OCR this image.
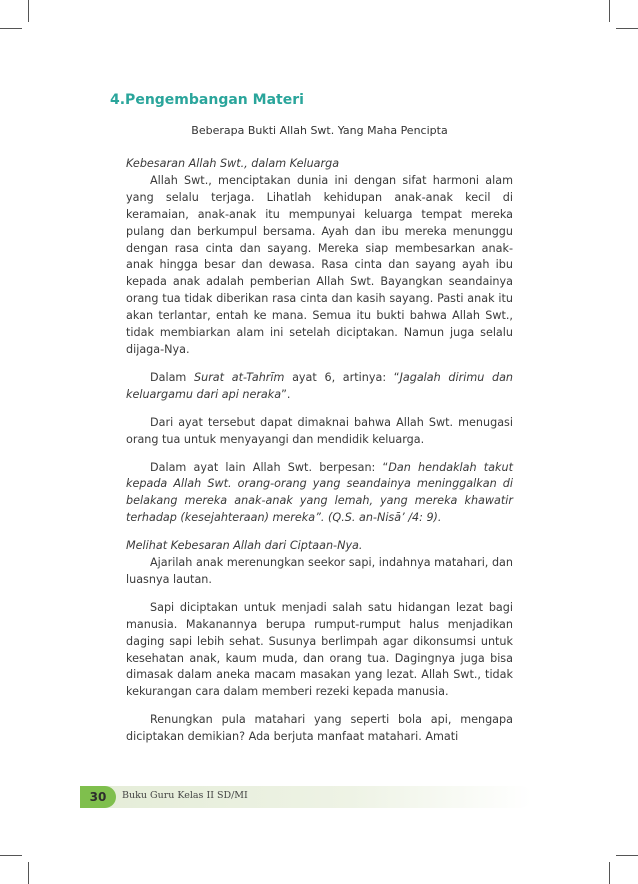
4.Pengembangan Materi
Beberapa Bukti Allah Swt. Yang Maha Pencipta

Kebesaran Allah Swt., dalam Keluarga

Allah Swt., menciptakan dunia ini dengan sifat harmoni alam yang selalu terjaga. Lihatlah kehidupan anak-anak kecil di keramaian, anak-anak itu mempunyai keluarga tempat mereka pulang dan berkumpul bersama. Ayah dan ibu mereka menunggu dengan rasa cinta dan sayang. Mereka siap membesarkan anak-anak hingga besar dan dewasa. Rasa cinta dan sayang ayah ibu kepada anak adalah pemberian Allah Swt. Bayangkan seandainya orang tua tidak diberikan rasa cinta dan kasih sayang. Pasti anak itu akan terlantar, entah ke mana. Semua itu bukti bahwa Allah Swt., tidak membiarkan alam ini setelah diciptakan. Namun juga selalu dijaga-Nya.

Dalam Surat at-Tahrīm ayat 6, artinya: “Jagalah dirimu dan keluargamu dari api neraka”.

Dari ayat tersebut dapat dimaknai bahwa Allah Swt. menugasi orang tua untuk menyayangi dan mendidik keluarga.

Dalam ayat lain Allah Swt. berpesan: “Dan hendaklah takut kepada Allah Swt. orang-orang yang seandainya meninggalkan di belakang mereka anak-anak yang lemah, yang mereka khawatir terhadap (kesejahteraan) mereka”. (Q.S. an-Nisā’ /4: 9).

Melihat Kebesaran Allah dari Ciptaan-Nya.

Ajarilah anak merenungkan seekor sapi, indahnya matahari, dan luasnya lautan.

Sapi diciptakan untuk menjadi salah satu hidangan lezat bagi manusia. Makanannya berupa rumput-rumput halus menjadikan daging sapi lebih sehat. Susunya berlimpah agar dikonsumsi untuk kesehatan anak, kaum muda, dan orang tua. Dagingnya juga bisa dimasak dalam aneka macam masakan yang lezat. Allah Swt., tidak kekurangan cara dalam memberi rezeki kepada manusia.

Renungkan pula matahari yang seperti bola api, mengapa diciptakan demikian? Ada berjuta manfaat matahari. Amati

30	Buku Guru Kelas II SD/MI
